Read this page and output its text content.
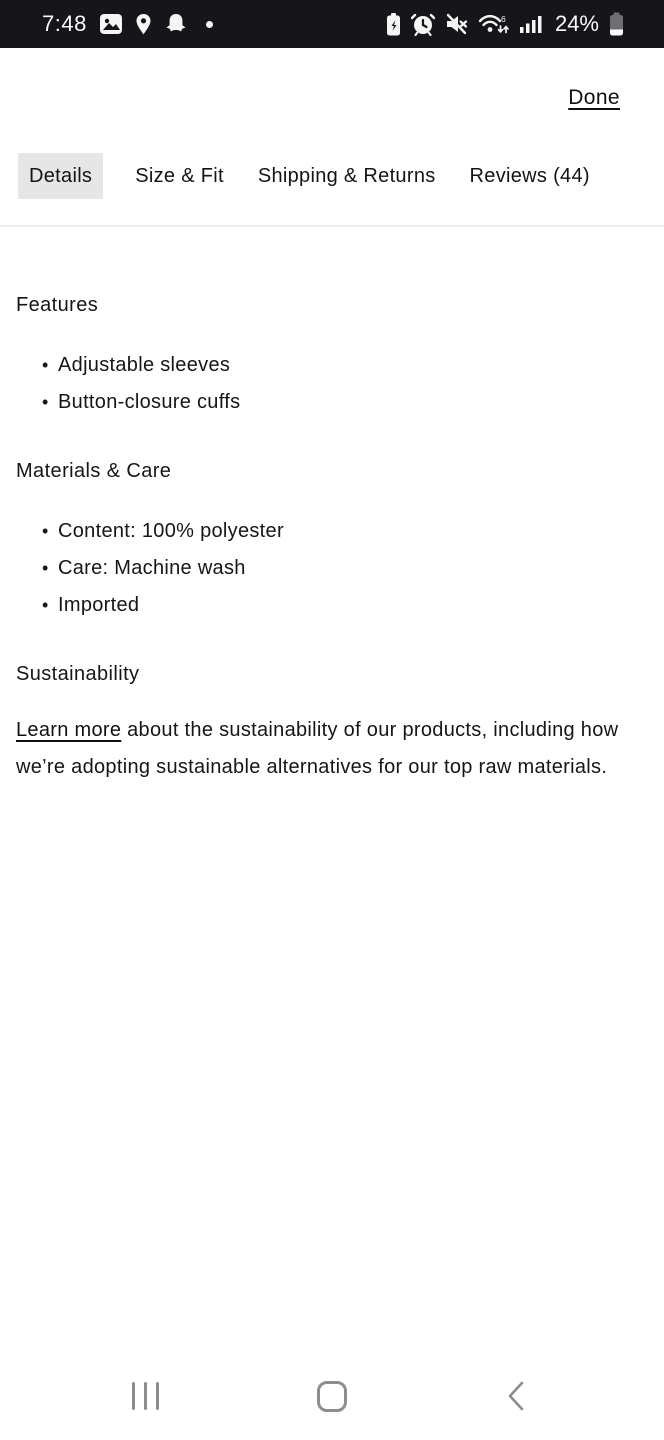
7:48	6 24%
Done
Details	Size & Fit Shipping & Returns Reviews (44)
Features
• Adjustable sleeves
• Button-closure cuffs
Materials & Care
• Content: 100% polyester
• Care: Machine wash
• Imported
Sustainability

Learn more about the sustainability of our products, including how we’re adopting sustainable alternatives for our top raw materials.
